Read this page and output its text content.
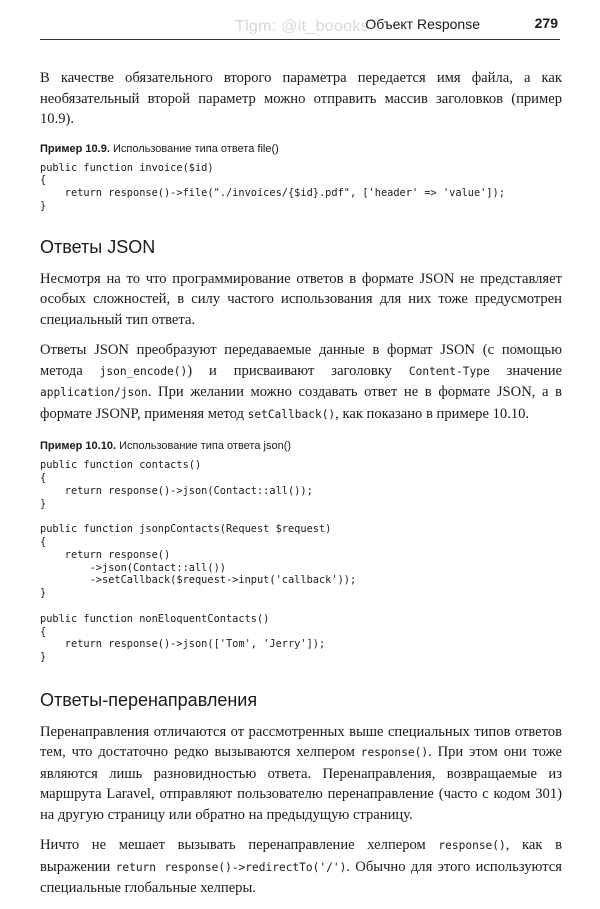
Tlgm: @it_boooks
Объект Response	279

В качестве обязательного второго параметра передается имя файла, а как необязательный второй параметр можно отправить массив заголовков (пример 10.9).

Пример 10.9. Использование типа ответа file()
public function invoice($id)
{
return response()->file("./invoices/{$id}.pdf", ['header' => 'value']);
}
Ответы JSON

Несмотря на то что программирование ответов в формате JSON не представляет особых сложностей, в силу частого использования для них тоже предусмотрен специальный тип ответа.

Ответы JSON преобразуют передаваемые данные в формат JSON (с помощью метода json_encode()) и присваивают заголовку Content-Type значение application/json. При желании можно создавать ответ не в формате JSON, а в формате JSONP, применяя метод setCallback(), как показано в примере 10.10.

Пример 10.10. Использование типа ответа json()
public function contacts()
{
return response()->json(Contact::all());
}

public function jsonpContacts(Request $request)
{
return response()
->json(Contact::all())
->setCallback($request->input('callback'));
}

public function nonEloquentContacts()
{
return response()->json(['Tom', 'Jerry']);
}
Ответы-перенаправления

Перенаправления отличаются от рассмотренных выше специальных типов ответов тем, что достаточно редко вызываются хелпером response(). При этом они тоже являются лишь разновидностью ответа. Перенаправления, возвращаемые из маршрута Laravel, отправляют пользователю перенаправление (часто с кодом 301) на другую страницу или обратно на предыдущую страницу.

Ничто не мешает вызывать перенаправление хелпером response(), как в выражении return response()->redirectTo('/'). Обычно для этого используются специальные глобальные хелперы.
